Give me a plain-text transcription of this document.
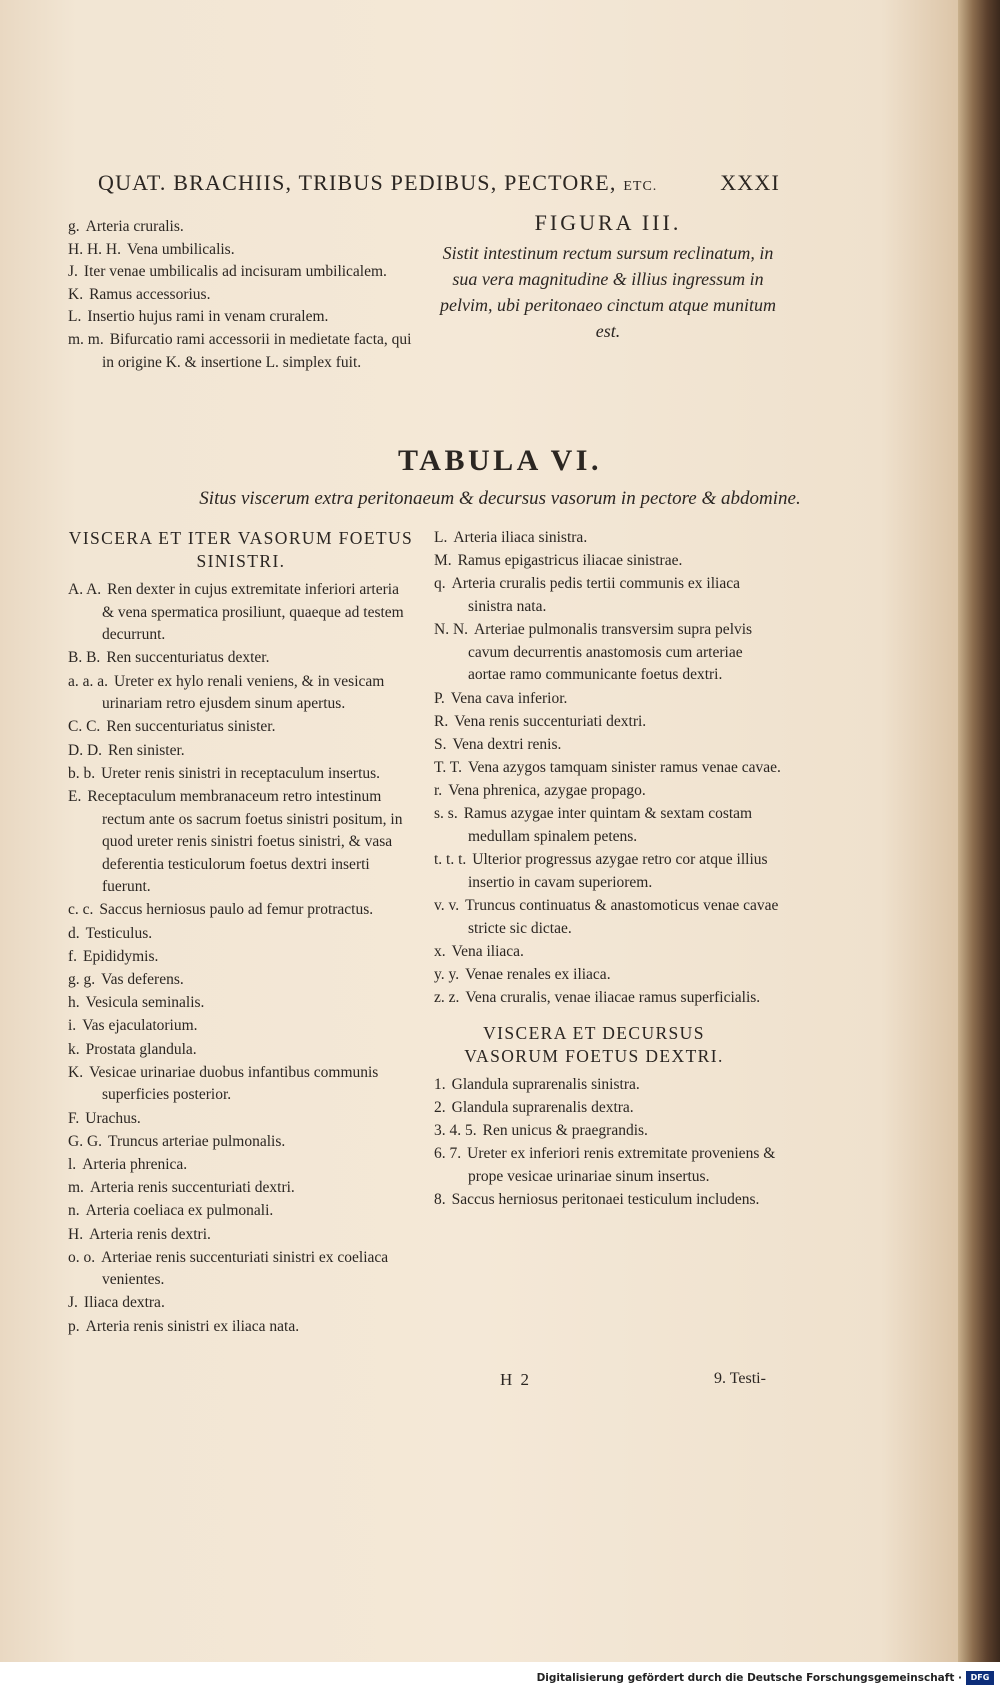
QUAT. BRACHIIS, TRIBUS PEDIBUS, PECTORE, ETC.	XXXI

g. Arteria cruralis.

H. H. H. Vena umbilicalis.

J. Iter venae umbilicalis ad incisuram umbilicalem.

K. Ramus accessorius.

L. Insertio hujus rami in venam cruralem.

m. m. Bifurcatio rami accessorii in medietate facta, qui in origine K. & insertione L. simplex fuit.

FIGURA III.

Sistit intestinum rectum sursum reclinatum, in sua vera magnitudine & illius ingressum in pelvim, ubi peritonaeo cinctum atque munitum est.

TABULA VI.

Situs viscerum extra peritonaeum & decursus vasorum in pectore & abdomine.

VISCERA ET ITER VASORUM FOETUS SINISTRI.

A. A. Ren dexter in cujus extremitate inferiori arteria & vena spermatica prosiliunt, quaeque ad testem decurrunt.

B. B. Ren succenturiatus dexter.

a. a. a. Ureter ex hylo renali veniens, & in vesicam urinariam retro ejusdem sinum apertus.

C. C. Ren succenturiatus sinister.

D. D. Ren sinister.

b. b. Ureter renis sinistri in receptaculum insertus.

E. Receptaculum membranaceum retro intestinum rectum ante os sacrum foetus sinistri positum, in quod ureter renis sinistri foetus sinistri, & vasa deferentia testiculorum foetus dextri inserti fuerunt.

c. c. Saccus herniosus paulo ad femur protractus.

d. Testiculus.

f. Epididymis.

g. g. Vas deferens.

h. Vesicula seminalis.

i. Vas ejaculatorium.

k. Prostata glandula.

K. Vesicae urinariae duobus infantibus communis superficies posterior.

F. Urachus.

G. G. Truncus arteriae pulmonalis.

l. Arteria phrenica.

m. Arteria renis succenturiati dextri.

n. Arteria coeliaca ex pulmonali.

H. Arteria renis dextri.

o. o. Arteriae renis succenturiati sinistri ex coeliaca venientes.

J. Iliaca dextra.

p. Arteria renis sinistri ex iliaca nata.

L. Arteria iliaca sinistra.

M. Ramus epigastricus iliacae sinistrae.

q. Arteria cruralis pedis tertii communis ex iliaca sinistra nata.

N. N. Arteriae pulmonalis transversim supra pelvis cavum decurrentis anastomosis cum arteriae aortae ramo communicante foetus dextri.

P. Vena cava inferior.

R. Vena renis succenturiati dextri.

S. Vena dextri renis.

T. T. Vena azygos tamquam sinister ramus venae cavae.

r. Vena phrenica, azygae propago.

s. s. Ramus azygae inter quintam & sextam costam medullam spinalem petens.

t. t. t. Ulterior progressus azygae retro cor atque illius insertio in cavam superiorem.

v. v. Truncus continuatus & anastomoticus venae cavae stricte sic dictae.

x. Vena iliaca.

y. y. Venae renales ex iliaca.

z. z. Vena cruralis, venae iliacae ramus superficialis.

VISCERA ET DECURSUS VASORUM FOETUS DEXTRI.

1. Glandula suprarenalis sinistra.

2. Glandula suprarenalis dextra.

3. 4. 5. Ren unicus & praegrandis.

6. 7. Ureter ex inferiori renis extremitate proveniens & prope vesicae urinariae sinum insertus.

8. Saccus herniosus peritonaei testiculum includens.

H 2	9. Testi-
Digitalisierung gefördert durch die Deutsche Forschungsgemeinschaft ·	DFG
